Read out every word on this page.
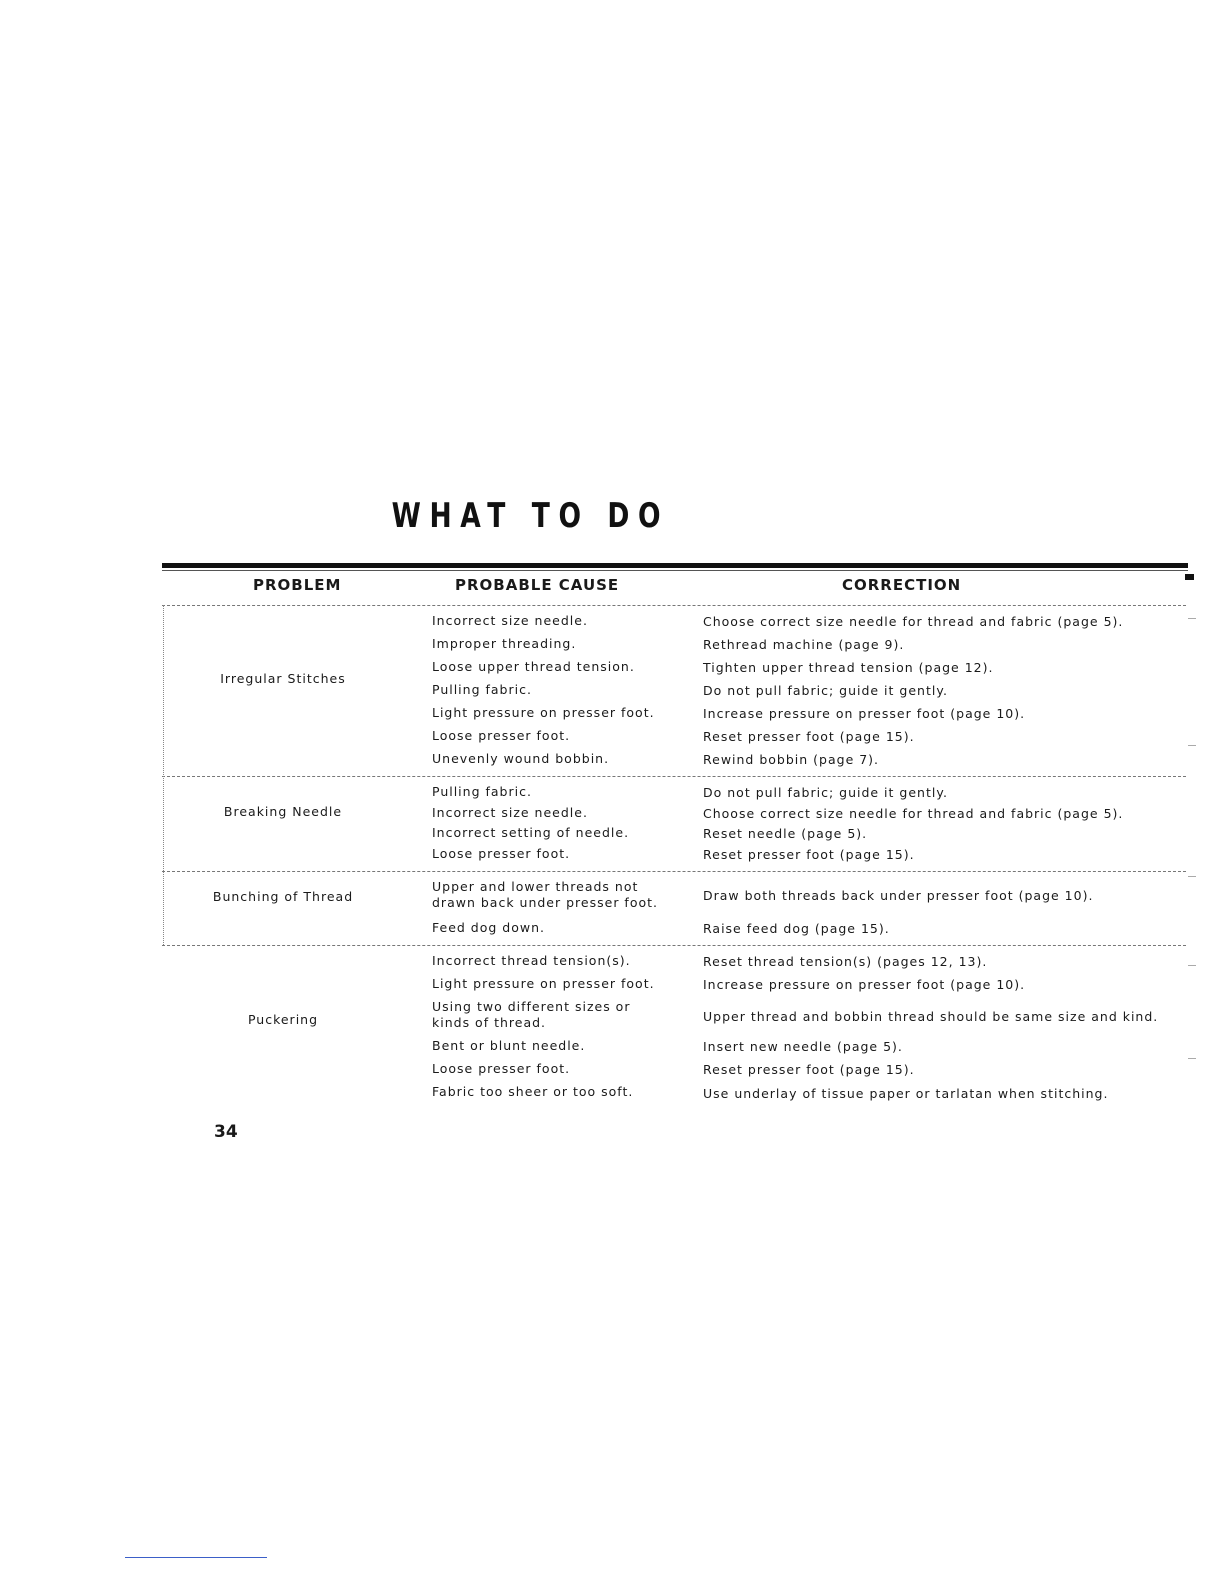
WHAT TO DO
PROBLEM	PROBABLE CAUSE	CORRECTION
Irregular Stitches
Incorrect size needle.	Choose correct size needle for thread and fabric (page 5).
Improper threading.	Rethread machine (page 9).
Loose upper thread tension.	Tighten upper thread tension (page 12).
Pulling fabric.	Do not pull fabric; guide it gently.
Light pressure on presser foot.	Increase pressure on presser foot (page 10).
Loose presser foot.	Reset presser foot (page 15).
Unevenly wound bobbin.	Rewind bobbin (page 7).
Breaking Needle
Pulling fabric.	Do not pull fabric; guide it gently.
Incorrect size needle.	Choose correct size needle for thread and fabric (page 5).
Incorrect setting of needle.	Reset needle (page 5).
Loose presser foot.	Reset presser foot (page 15).
Bunching of Thread
Upper and lower threads not drawn back under presser foot.	Draw both threads back under presser foot (page 10).
Feed dog down.	Raise feed dog (page 15).
Puckering
Incorrect thread tension(s).	Reset thread tension(s) (pages 12, 13).
Light pressure on presser foot.	Increase pressure on presser foot (page 10).
Using two different sizes or kinds of thread.	Upper thread and bobbin thread should be same size and kind.
Bent or blunt needle.	Insert new needle (page 5).
Loose presser foot.	Reset presser foot (page 15).
Fabric too sheer or too soft.	Use underlay of tissue paper or tarlatan when stitching.
34
